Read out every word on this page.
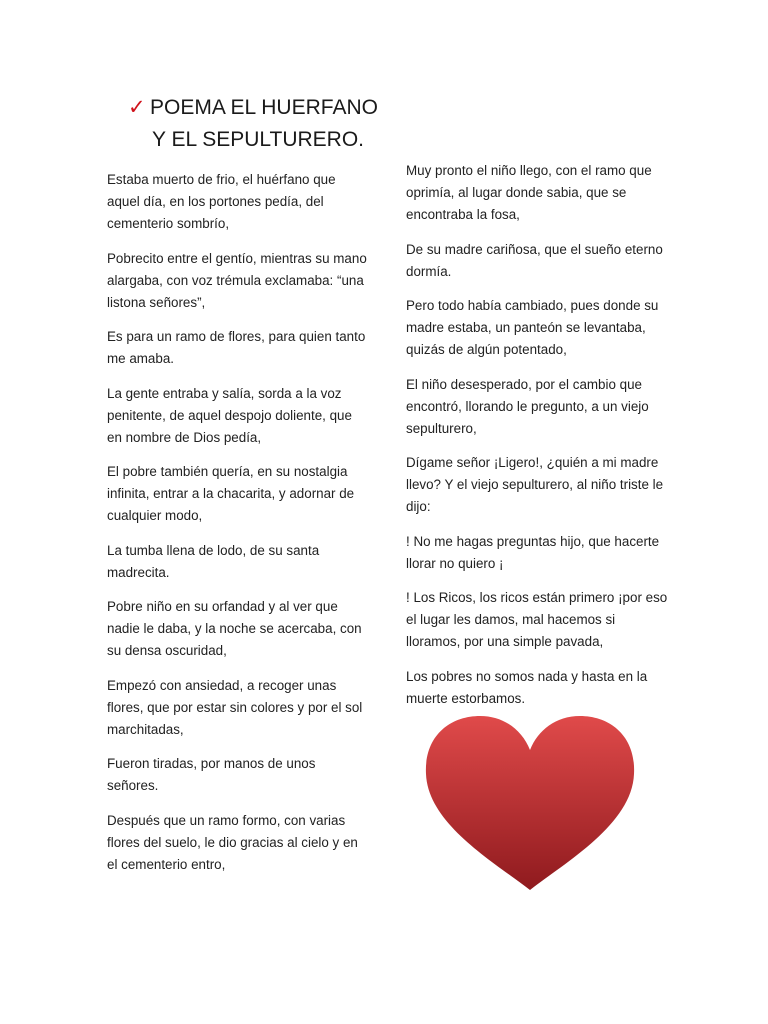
✓ POEMA EL HUERFANO
Y EL SEPULTURERO.

Estaba muerto de frio, el huérfano que aquel día, en los portones pedía, del cementerio sombrío,

Pobrecito entre el gentío, mientras su mano alargaba, con voz trémula exclamaba: “una listona señores”,

Es para un ramo de flores, para quien tanto me amaba.

La gente entraba y salía, sorda a la voz penitente, de aquel despojo doliente, que en nombre de Dios pedía,

El pobre también quería, en su nostalgia infinita, entrar a la chacarita, y adornar de cualquier modo,

La tumba llena de lodo, de su santa madrecita.

Pobre niño en su orfandad y al ver que nadie le daba, y la noche se acercaba, con su densa oscuridad,

Empezó con ansiedad, a recoger unas flores, que por estar sin colores y por el sol marchitadas,

Fueron tiradas, por manos de unos señores.

Después que un ramo formo, con varias flores del suelo, le dio gracias al cielo y en el cementerio entro,

Muy pronto el niño llego, con el ramo que oprimía, al lugar donde sabia, que se encontraba la fosa,

De su madre cariñosa, que el sueño eterno dormía.

Pero todo había cambiado, pues donde su madre estaba, un panteón se levantaba, quizás de algún potentado,

El niño desesperado, por el cambio que encontró, llorando le pregunto, a un viejo sepulturero,

Dígame señor ¡Ligero!, ¿quién a mi madre llevo? Y el viejo sepulturero, al niño triste le dijo:

! No me hagas preguntas hijo, que hacerte llorar no quiero ¡

! Los Ricos, los ricos están primero ¡por eso el lugar les damos, mal hacemos si lloramos, por una simple pavada,

Los pobres no somos nada y hasta en la muerte estorbamos.
